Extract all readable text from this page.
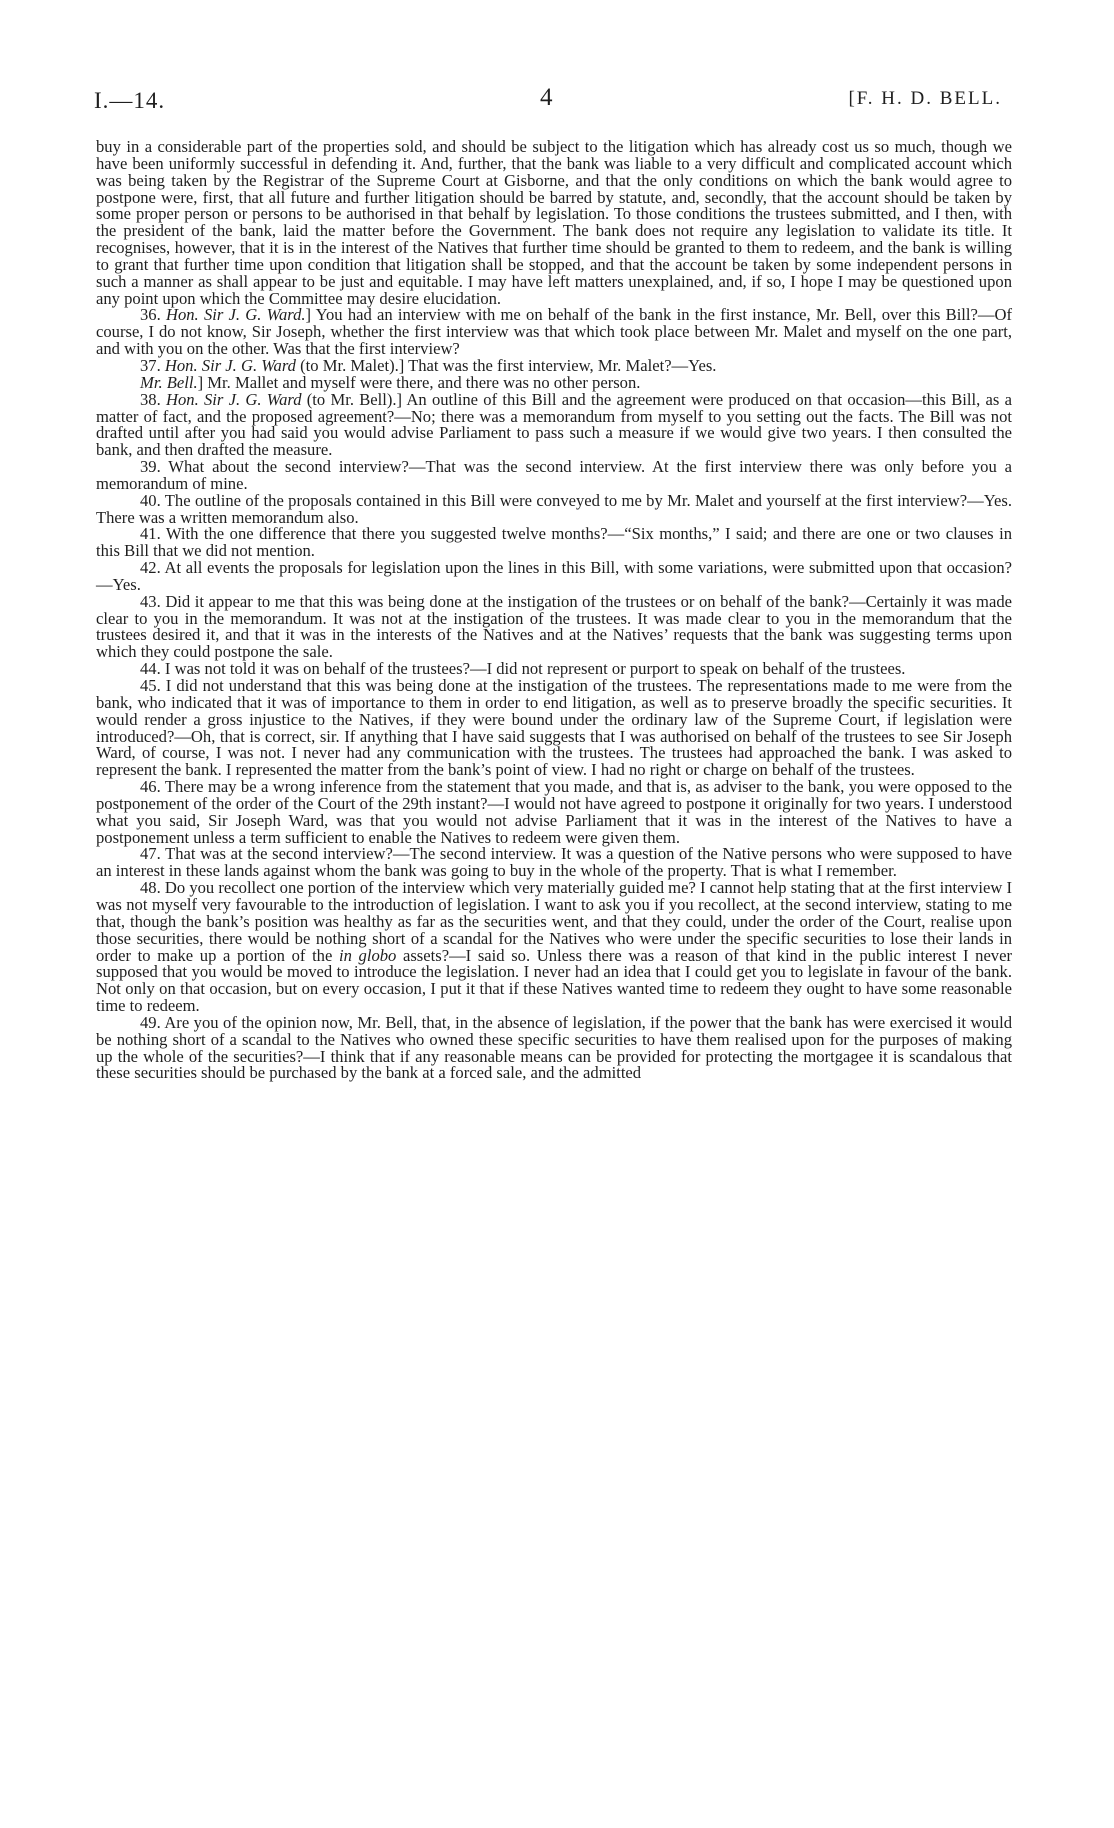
I.—14.	4	[F. H. D. BELL.

buy in a considerable part of the properties sold, and should be subject to the litigation which has already cost us so much, though we have been uniformly successful in defending it. And, further, that the bank was liable to a very difficult and complicated account which was being taken by the Registrar of the Supreme Court at Gisborne, and that the only conditions on which the bank would agree to postpone were, first, that all future and further litigation should be barred by statute, and, secondly, that the account should be taken by some proper person or persons to be authorised in that behalf by legislation. To those conditions the trustees submitted, and I then, with the president of the bank, laid the matter before the Government. The bank does not require any legislation to validate its title. It recognises, however, that it is in the interest of the Natives that further time should be granted to them to redeem, and the bank is willing to grant that further time upon condition that litigation shall be stopped, and that the account be taken by some independent persons in such a manner as shall appear to be just and equitable. I may have left matters unexplained, and, if so, I hope I may be questioned upon any point upon which the Committee may desire elucidation.

36. Hon. Sir J. G. Ward.] You had an interview with me on behalf of the bank in the first instance, Mr. Bell, over this Bill?—Of course, I do not know, Sir Joseph, whether the first interview was that which took place between Mr. Malet and myself on the one part, and with you on the other. Was that the first interview?

37. Hon. Sir J. G. Ward (to Mr. Malet).] That was the first interview, Mr. Malet?—Yes.

Mr. Bell.] Mr. Mallet and myself were there, and there was no other person.

38. Hon. Sir J. G. Ward (to Mr. Bell).] An outline of this Bill and the agreement were produced on that occasion—this Bill, as a matter of fact, and the proposed agreement?—No; there was a memorandum from myself to you setting out the facts. The Bill was not drafted until after you had said you would advise Parliament to pass such a measure if we would give two years. I then consulted the bank, and then drafted the measure.

39. What about the second interview?—That was the second interview. At the first interview there was only before you a memorandum of mine.

40. The outline of the proposals contained in this Bill were conveyed to me by Mr. Malet and yourself at the first interview?—Yes. There was a written memorandum also.

41. With the one difference that there you suggested twelve months?—“Six months,” I said; and there are one or two clauses in this Bill that we did not mention.

42. At all events the proposals for legislation upon the lines in this Bill, with some variations, were submitted upon that occasion?—Yes.

43. Did it appear to me that this was being done at the instigation of the trustees or on behalf of the bank?—Certainly it was made clear to you in the memorandum. It was not at the instigation of the trustees. It was made clear to you in the memorandum that the trustees desired it, and that it was in the interests of the Natives and at the Natives’ requests that the bank was suggesting terms upon which they could postpone the sale.

44. I was not told it was on behalf of the trustees?—I did not represent or purport to speak on behalf of the trustees.

45. I did not understand that this was being done at the instigation of the trustees. The representations made to me were from the bank, who indicated that it was of importance to them in order to end litigation, as well as to preserve broadly the specific securities. It would render a gross injustice to the Natives, if they were bound under the ordinary law of the Supreme Court, if legislation were introduced?—Oh, that is correct, sir. If anything that I have said suggests that I was authorised on behalf of the trustees to see Sir Joseph Ward, of course, I was not. I never had any communication with the trustees. The trustees had approached the bank. I was asked to represent the bank. I represented the matter from the bank’s point of view. I had no right or charge on behalf of the trustees.

46. There may be a wrong inference from the statement that you made, and that is, as adviser to the bank, you were opposed to the postponement of the order of the Court of the 29th instant?—I would not have agreed to postpone it originally for two years. I understood what you said, Sir Joseph Ward, was that you would not advise Parliament that it was in the interest of the Natives to have a postponement unless a term sufficient to enable the Natives to redeem were given them.

47. That was at the second interview?—The second interview. It was a question of the Native persons who were supposed to have an interest in these lands against whom the bank was going to buy in the whole of the property. That is what I remember.

48. Do you recollect one portion of the interview which very materially guided me? I cannot help stating that at the first interview I was not myself very favourable to the introduction of legislation. I want to ask you if you recollect, at the second interview, stating to me that, though the bank’s position was healthy as far as the securities went, and that they could, under the order of the Court, realise upon those securities, there would be nothing short of a scandal for the Natives who were under the specific securities to lose their lands in order to make up a portion of the in globo assets?—I said so. Unless there was a reason of that kind in the public interest I never supposed that you would be moved to introduce the legislation. I never had an idea that I could get you to legislate in favour of the bank. Not only on that occasion, but on every occasion, I put it that if these Natives wanted time to redeem they ought to have some reasonable time to redeem.

49. Are you of the opinion now, Mr. Bell, that, in the absence of legislation, if the power that the bank has were exercised it would be nothing short of a scandal to the Natives who owned these specific securities to have them realised upon for the purposes of making up the whole of the securities?—I think that if any reasonable means can be provided for protecting the mortgagee it is scandalous that these securities should be purchased by the bank at a forced sale, and the admitted
